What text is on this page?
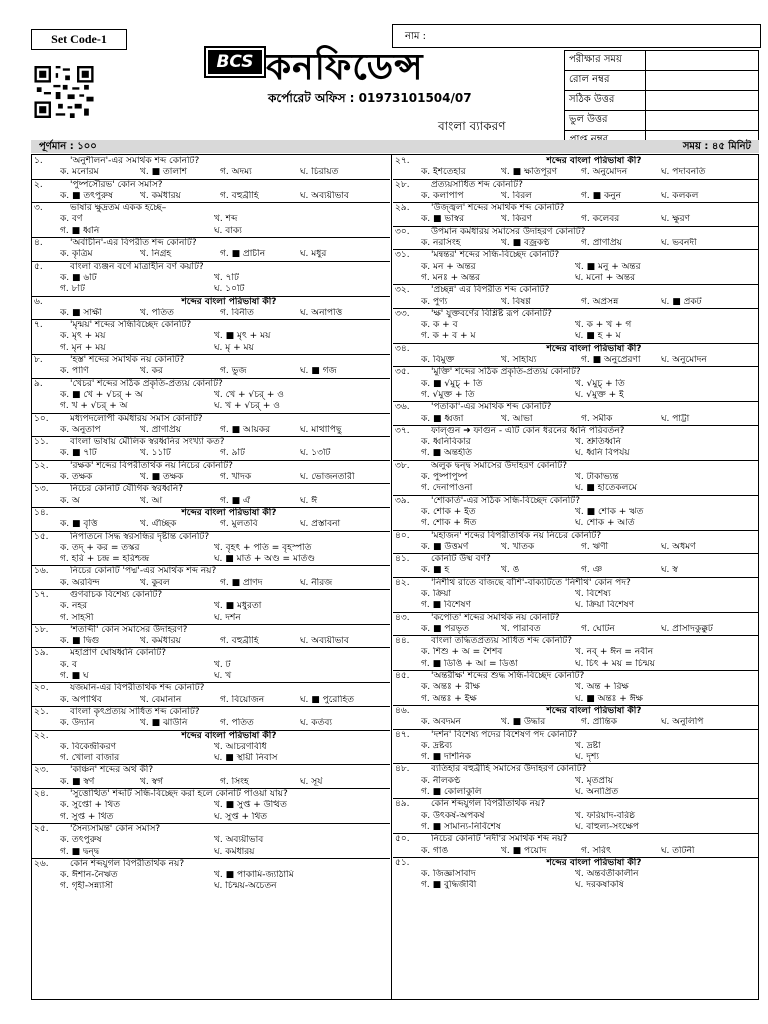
Set Code-1
BCS কনফিডেন্স
কর্পোরেট অফিস : 01973101504/07
বাংলা ব্যাকরণ
নাম :
পরীক্ষার সময়	
রোল নম্বর	
সঠিক উত্তর	
ভুল উত্তর	

পূর্ণমান : ১০০	সময় : ৪৫ মিনিট
১.	'অনুশীলন'-এর সমার্থক শব্দ কোনটি?
ক. মনোরম	খ. ■ তালাশ	গ. অদম্য	ঘ. চিরায়ত
২.	'পুষ্পসৌরভ' কোন সমাস?
ক. ■ তৎপুরুষ	খ. কর্মধারয়	গ. বহুব্রীহি	ঘ. অব্যয়ীভাব
৩.	ভাষার ক্ষুদ্রতম একক হচ্ছে–
ক. বর্ণ	খ. শব্দ
গ. ■ ধ্বনি	ঘ. বাক্য
৪.	'অর্বাচীন'-এর বিপরীত শব্দ কোনটি?
ক. কৃত্রিম	খ. নিগ্রহ	গ. ■ প্রাচীন	ঘ. মধুর
৫.	বাংলা ব্যঞ্জন বর্ণে মাত্রাহীন বর্ণ কয়টি?
ক. ■ ৬টি	খ. ৭টি
গ. ৮টি	ঘ. ১০টি
৬.	শব্দের বাংলা পরিভাষা কী?
ক. ■ সাক্ষী	খ. পতিত	গ. বিনীত	ঘ. অনাপত্তি
৭.	'মৃন্ময়' শব্দের সন্ধিবিচ্ছেদ কোনটি?
ক. মৃৎ + ময়	খ. ■ মৃৎ + ময়
গ. মৃন + ময়	ঘ. মৃ + ময়
৮.	'হস্ত' শব্দের সমার্থক নয় কোনটি?
ক. পাণি	খ. কর	গ. ভুজ	ঘ. ■ গজ
৯.	'খেচর' শব্দের সঠিক প্রকৃতি-প্রত্যয় কোনটি?
ক. ■ খে + √চর্ + অ	খ. খে + √চর্ + ও
গ. খ + √চর্ + অ	ঘ. খ + √চর্ + ও
১০.	মধ্যপদলোপী কর্মধারয় সমাস কোনটি?
ক. অনুতাপ	খ. প্রাণপ্রিয়	গ. ■ আয়কর	ঘ. মাথাপিছু
১১.	বাংলা ভাষায় মৌলিক স্বরধ্বনির সংখ্যা কত?
ক. ■ ৭টি	খ. ১১টি	গ. ৯টি	ঘ. ১৩টি
১২.	'রক্ষক' শব্দের বিপরীতার্থক নয় নিচের কোনটি?
ক. তক্ষক	খ. ■ তক্ষক	গ. খাদক	ঘ. ভোজনতারী
১৩.	নিচের কোনটি যৌগিক স্বরধ্বনি?
ক. অ	খ. আ	গ. ■ ঐ	ঘ. ঈ
১৪.	শব্দের বাংলা পরিভাষা কী?
ক. ■ বৃত্তি	খ. ঐচ্ছিক	গ. মুলতবি	ঘ. প্রস্তাবনা
১৫.	নিপাতনে সিদ্ধ স্বরসন্ধির দৃষ্টান্ত কোনটি?
ক. তদ্ + কর = তস্কর	খ. বৃহৎ + পতি = বৃহস্পতি
গ. হরি + চন্দ্র = হরিশ্চন্দ্র	ঘ. ■ মার্ত + অণ্ড = মার্তণ্ড
১৬.	নিচের কোনটি 'পদ্ম'-এর সমার্থক শব্দ নয়?
ক. অরবিন্দ	খ. কুবল	গ. ■ প্রাণদ	ঘ. নীরজ
১৭.	গুণবাচক বিশেষ্য কোনটি?
ক. নহর	খ. ■ মধুরতা
গ. সাহসী	ঘ. দর্শন
১৮.	'শতাব্দী' কোন সমাসের উদাহরণ?
ক. ■ দ্বিগু	খ. কর্মধারয়	গ. বহুব্রীহি	ঘ. অব্যয়ীভাব
১৯.	মহাপ্রাণ ঘোষধ্বনি কোনটি?
ক. ব	খ. ট
গ. ■ ঘ	ঘ. খ
২০.	যজমান-এর বিপরীতার্থক শব্দ কোনটি?
ক. অপার্থিব	খ. বেমানান	গ. বিয়োজন	ঘ. ■ পুরোহিত
২১.	বাংলা কৃৎপ্রত্যয় সাধিত শব্দ কোনটি?
ক. উদ্যান	খ. ■ ঝাউনি	গ. পতিত	ঘ. কর্তব্য
২২.	শব্দের বাংলা পরিভাষা কী?
ক. বিকেন্দ্রীকরণ	খ. আচরণবিধি
গ. খোলা বাজার	ঘ. ■ স্থায়ী নিবাস
২৩.	'কাঞ্চন' শব্দের অর্থ কী?
ক. ■ স্বর্ণ	খ. স্বর্গ	গ. সিংহ	ঘ. সূর্য
২৪.	'সুত্তোত্থিত' শব্দটি সন্ধি-বিচ্ছেদ করা হলে কোনটি পাওয়া যায়?
ক. সুপ্তো + থিত	খ. ■ সুপ্ত + উত্থিত
গ. সুপ্ত + থিত	ঘ. সুপ্ত + থিত
২৫.	'সৈন্যসামন্ত' কোন সমাস?
ক. তৎপুরুষ	খ. অব্যয়ীভাব
গ. ■ দ্বন্দ্ব	ঘ. কর্মধারয়
২৬.	কোন শব্দযুগল বিপরীতার্থক নয়?
ক. ঈশান-নৈঋত	খ. ■ পাকামি-জ্যাঠামি
গ. গৃহী-সন্ন্যাসী	ঘ. চিন্ময়-অচেতন
২৭.	শব্দের বাংলা পরিভাষা কী?
ক. ইশতেহার	খ. ■ ক্ষতিপূরণ	গ. অনুমোদন	ঘ. পদাবনতি
২৮.	প্রত্যয়সাধিত শব্দ কোনটি?
ক. কলাপাপ	খ. বিরল	গ. ■ কনুন	ঘ. কলকল
২৯.	'উজ্জ্বল' শব্দের সমার্থক শব্দ কোনটি?
ক. ■ ভাস্বর	খ. কিরণ	গ. কলেবর	ঘ. ক্ষুরণ
৩০.	উপমান কর্মধারয় সমাসের উদাহরণ কোনটি?
ক. নরসিংহ	খ. ■ বজ্রকণ্ঠ	গ. প্রাণপ্রিয়	ঘ. ভবনদী
৩১.	'মন্বন্তর' শব্দের সন্ধি-বিচ্ছেদ কোনটি?
ক. মন + অন্তর	খ. ■ মনু + অন্তর
গ. মনঃ + অন্তর	ঘ. মনো + অন্তর
৩২.	'প্রচ্ছন্ন' এর বিপরীত শব্দ কোনটি?
ক. পুণ্য	খ. বিষণ্ণ	গ. অপ্রসন্ন	ঘ. ■ প্রকট
৩৩.	'ক্ষ' যুক্তবর্ণের বিশ্লিষ্ট রূপ কোনটি?
ক. ক + ব	খ. ক + খ + গ
গ. ক + ব + ম	ঘ. ■ হ + ম
৩৪.	শব্দের বাংলা পরিভাষা কী?
ক. বিমুক্ত	খ. সাহায্য	গ. ■ অনুপ্রেরণা	ঘ. অনুমোদন
৩৫.	'মুক্তি' শব্দের সঠিক প্রকৃতি-প্রত্যয় কোনটি?
ক. ■ √মুচ্ + তি	খ. √মুচ্ + তি
গ. √মুক্ত + তি	ঘ. √মুক্ত + ই
৩৬.	'পতাকা'-এর সমার্থক শব্দ কোনটি?
ক. ■ ধ্বজা	খ. আভা	গ. সমীক	ঘ. পাট্টা
৩৭.	ফাল্গুন ➜ ফাগুন - এটি কোন ধরনের ধ্বনি পরিবর্তন?
ক. ধ্বনিবিকার	খ. শ্রুতিধ্বনি
গ. ■ অন্তর্হতি	ঘ. ধ্বনি বিপর্যয়
৩৮.	অলুক দ্বন্দ্ব সমাসের উদাহরণ কোনটি?
ক. পুষ্পাপুষ্প	খ. টাকাভ্যন্ত
গ. দেনাপাওনা	ঘ. ■ হাতেকলমে
৩৯.	'শোকার্ত'-এর সঠিক সন্ধি-বিচ্ছেদ কোনটি?
ক. শোক + ইত	খ. ■ শোক + ঋত
গ. শোক + ঈত	ঘ. শোক + আর্ত
৪০.	'মহাজন' শব্দের বিপরীতার্থক নয় নিচের কোনটি?
ক. ■ উত্তমর্ণ	খ. খাতক	গ. ঋণী	ঘ. অধমর্ণ
৪১.	কোনটি উষ্ম বর্ণ?
ক. ■ হ	খ. ঙ	গ. ঞ	ঘ. স্ব
৪২.	'নিশীথ রাতে বাজছে বাঁশি'-বাক্যটিতে 'নিশীথ' কোন পদ?
ক. ক্রিয়া	খ. বিশেষ্য
গ. ■ বিশেষণ	ঘ. ক্রিয়া বিশেষণ
৪৩.	'কপোত' শব্দের সমার্থক নয় কোনটি?
ক. ■ পরভৃত	খ. পারাবত	গ. ঘোটন	ঘ. প্রাসাদকুক্কুট
৪৪.	বাংলা তদ্ধিতপ্রত্যয় সাধিত শব্দ কোনটি?
ক. শিশু + অ = শৈশব	খ. নব্ + ঈন = নবীন
গ. ■ ডিঙি + আ = ডিঙা	ঘ. চিৎ + ময় = চিন্ময়
৪৫.	'অন্তরীক্ষ' শব্দের শুদ্ধ সন্ধি-বিচ্ছেদ কোনটি?
ক. অন্তঃ + রীক্ষ	খ. অন্ত + রিক্ষ
গ. অন্তঃ + ইক্ষ	ঘ. ■ অন্তঃ + ঈক্ষ
৪৬.	শব্দের বাংলা পরিভাষা কী?
ক. অবদমন	খ. ■ উদ্ধার	গ. প্রান্তিক	ঘ. অনুলিপি
৪৭.	'দর্শন' বিশেষ্য পদের বিশেষণ পদ কোনটি?
ক. দ্রষ্টব্য	খ. দ্রষ্টা
গ. ■ দার্শনিক	ঘ. দৃশ্য
৪৮.	ব্যতিহার বহুব্রীহি সমাসের উদাহরণ কোনটি?
ক. নীলকণ্ঠ	খ. মৃতপ্রায়
গ. ■ কোলাকুলি	ঘ. অনাপ্রিত
৪৯.	কোন শব্দযুগল বিপরীতার্থক নয়?
ক. উৎকর্ষ-অপকর্ষ	খ. ফরিয়াদ-বরিষ্ঠ
গ. ■ সামান্য-নির্বিশেষ	ঘ. বাহুল্য-সংক্ষেপ
৫০.	নিচের কোনটি 'নদী'র সমার্থক শব্দ নয়?
ক. গাঙ	খ. ■ পয়োদ	গ. সরিৎ	ঘ. তটিনী
৫১.	শব্দের বাংলা পরিভাষা কী?
ক. জিজ্ঞাসাবাদ	খ. অন্তর্বর্তীকালীন
গ. ■ বুদ্ধিজীবী	ঘ. দরকষাকষি
